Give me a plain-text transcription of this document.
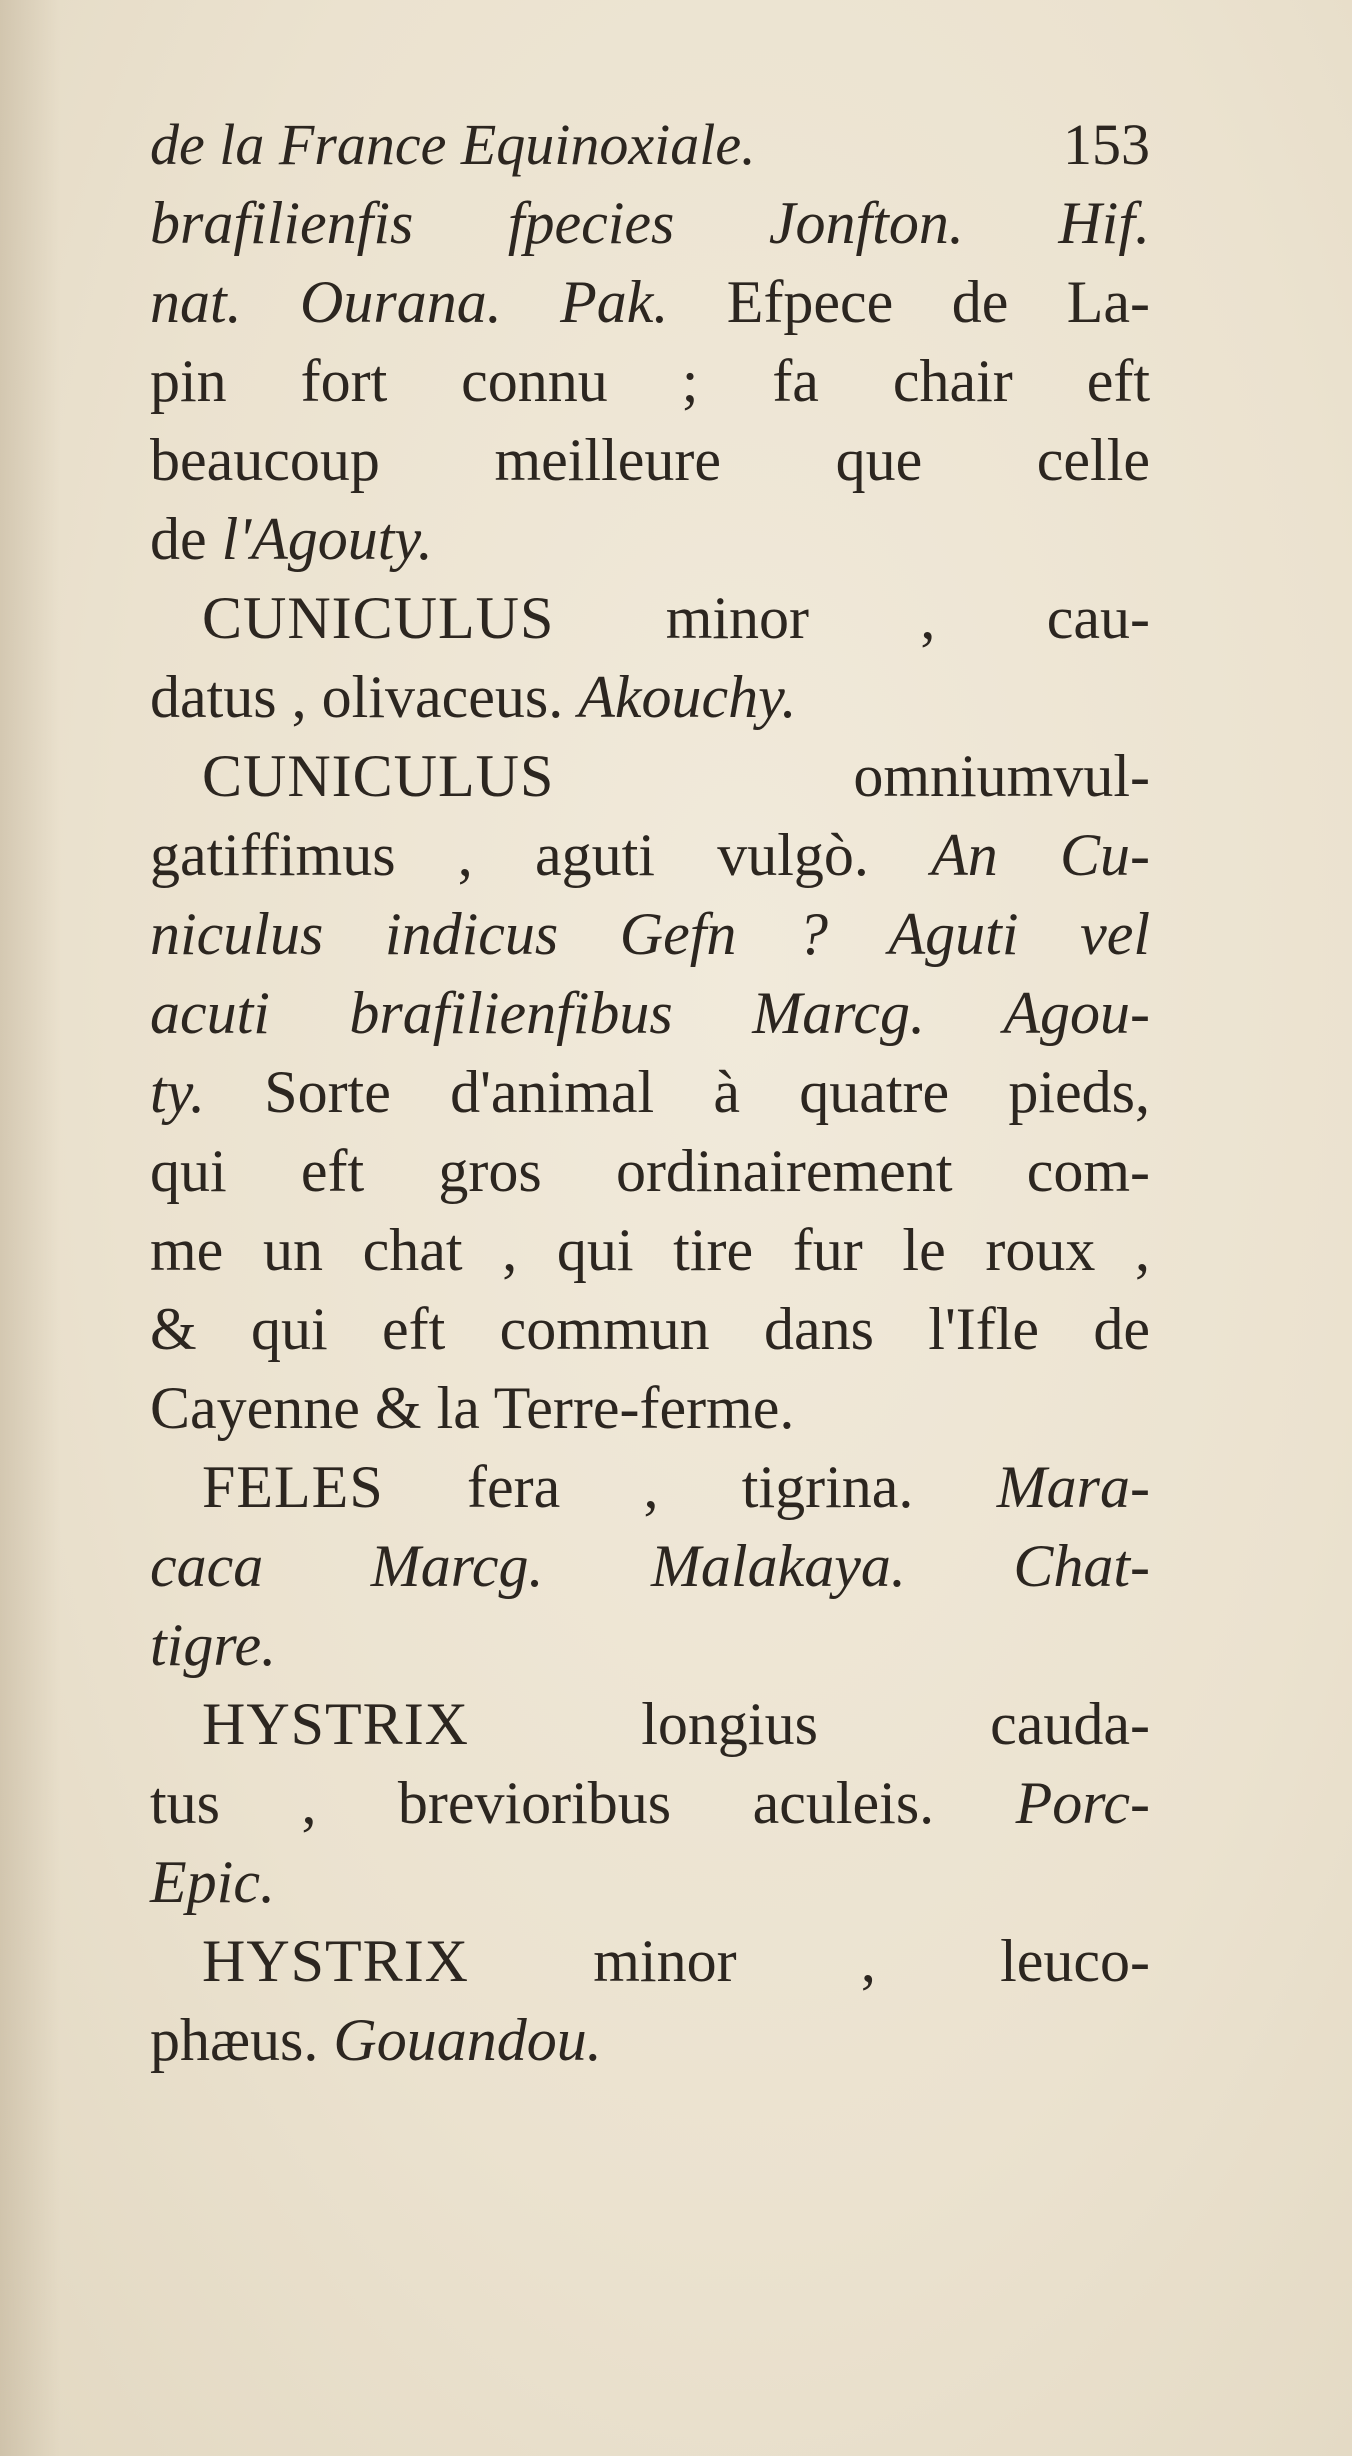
de la France Equinoxiale.	153
brafilienfis fpecies Jonfton. Hif.
nat. Ourana. Pak. Efpece de La-
pin fort connu ; fa chair eft
beaucoup meilleure que celle
de l'Agouty.
CUNICULUS minor , cau-
datus , olivaceus. Akouchy.
CUNICULUS omniumvul-
gatiffimus , aguti vulgò. An Cu-
niculus indicus Gefn ? Aguti vel
acuti brafilienfibus Marcg. Agou-
ty. Sorte d'animal à quatre pieds,
qui eft gros ordinairement com-
me un chat , qui tire fur le roux ,
& qui eft commun dans l'Ifle de
Cayenne & la Terre-ferme.
FELES fera , tigrina. Mara-
caca Marcg. Malakaya. Chat-
tigre.
HYSTRIX longius cauda-
tus , brevioribus aculeis. Porc-
Epic.
HYSTRIX minor , leuco-
phæus. Gouandou.
